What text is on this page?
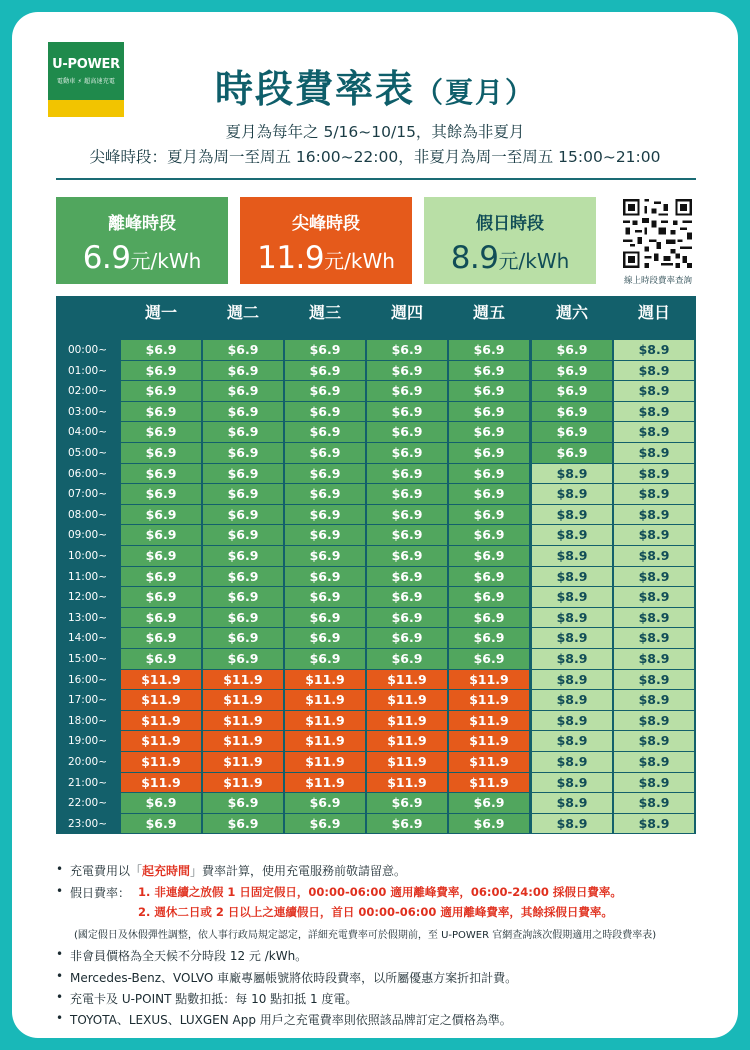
U-POWER
電動車 ⚡ 超高速充電	時段費率表（夏月）
夏月為每年之 5/16~10/15，其餘為非夏月
尖峰時段：夏月為周一至周五 16:00~22:00，非夏月為周一至周五 15:00~21:00
離峰時段
6.9元/kWh
尖峰時段
11.9元/kWh
假日時段
8.9元/kWh
線上時段費率查詢
週一	週二	週三	週四	週五	週六	週日
00:00~	$6.9	$6.9	$6.9	$6.9	$6.9	$6.9	$8.9
01:00~	$6.9	$6.9	$6.9	$6.9	$6.9	$6.9	$8.9
02:00~	$6.9	$6.9	$6.9	$6.9	$6.9	$6.9	$8.9
03:00~	$6.9	$6.9	$6.9	$6.9	$6.9	$6.9	$8.9
04:00~	$6.9	$6.9	$6.9	$6.9	$6.9	$6.9	$8.9
05:00~	$6.9	$6.9	$6.9	$6.9	$6.9	$6.9	$8.9
06:00~	$6.9	$6.9	$6.9	$6.9	$6.9	$8.9	$8.9
07:00~	$6.9	$6.9	$6.9	$6.9	$6.9	$8.9	$8.9
08:00~	$6.9	$6.9	$6.9	$6.9	$6.9	$8.9	$8.9
09:00~	$6.9	$6.9	$6.9	$6.9	$6.9	$8.9	$8.9
10:00~	$6.9	$6.9	$6.9	$6.9	$6.9	$8.9	$8.9
11:00~	$6.9	$6.9	$6.9	$6.9	$6.9	$8.9	$8.9
12:00~	$6.9	$6.9	$6.9	$6.9	$6.9	$8.9	$8.9
13:00~	$6.9	$6.9	$6.9	$6.9	$6.9	$8.9	$8.9
14:00~	$6.9	$6.9	$6.9	$6.9	$6.9	$8.9	$8.9
15:00~	$6.9	$6.9	$6.9	$6.9	$6.9	$8.9	$8.9
16:00~	$11.9	$11.9	$11.9	$11.9	$11.9	$8.9	$8.9
17:00~	$11.9	$11.9	$11.9	$11.9	$11.9	$8.9	$8.9
18:00~	$11.9	$11.9	$11.9	$11.9	$11.9	$8.9	$8.9
19:00~	$11.9	$11.9	$11.9	$11.9	$11.9	$8.9	$8.9
20:00~	$11.9	$11.9	$11.9	$11.9	$11.9	$8.9	$8.9
21:00~	$11.9	$11.9	$11.9	$11.9	$11.9	$8.9	$8.9
22:00~	$6.9	$6.9	$6.9	$6.9	$6.9	$8.9	$8.9
23:00~	$6.9	$6.9	$6.9	$6.9	$6.9	$8.9	$8.9
• 充電費用以「起充時間」費率計算，使用充電服務前敬請留意。
• 假日費率： 1. 非連續之放假 1 日固定假日，00:00-06:00 適用離峰費率，06:00-24:00 採假日費率。
2. 週休二日或 2 日以上之連續假日，首日 00:00-06:00 適用離峰費率，其餘採假日費率。
(國定假日及休假彈性調整，依人事行政局規定認定，詳細充電費率可於假期前，至 U-POWER 官網查詢該次假期適用之時段費率表)
• 非會員價格為全天候不分時段 12 元 /kWh。
• Mercedes-Benz、VOLVO 車廠專屬帳號將依時段費率，以所屬優惠方案折扣計費。
• 充電卡及 U-POINT 點數扣抵：每 10 點扣抵 1 度電。
• TOYOTA、LEXUS、LUXGEN App 用戶之充電費率則依照該品牌訂定之價格為準。
